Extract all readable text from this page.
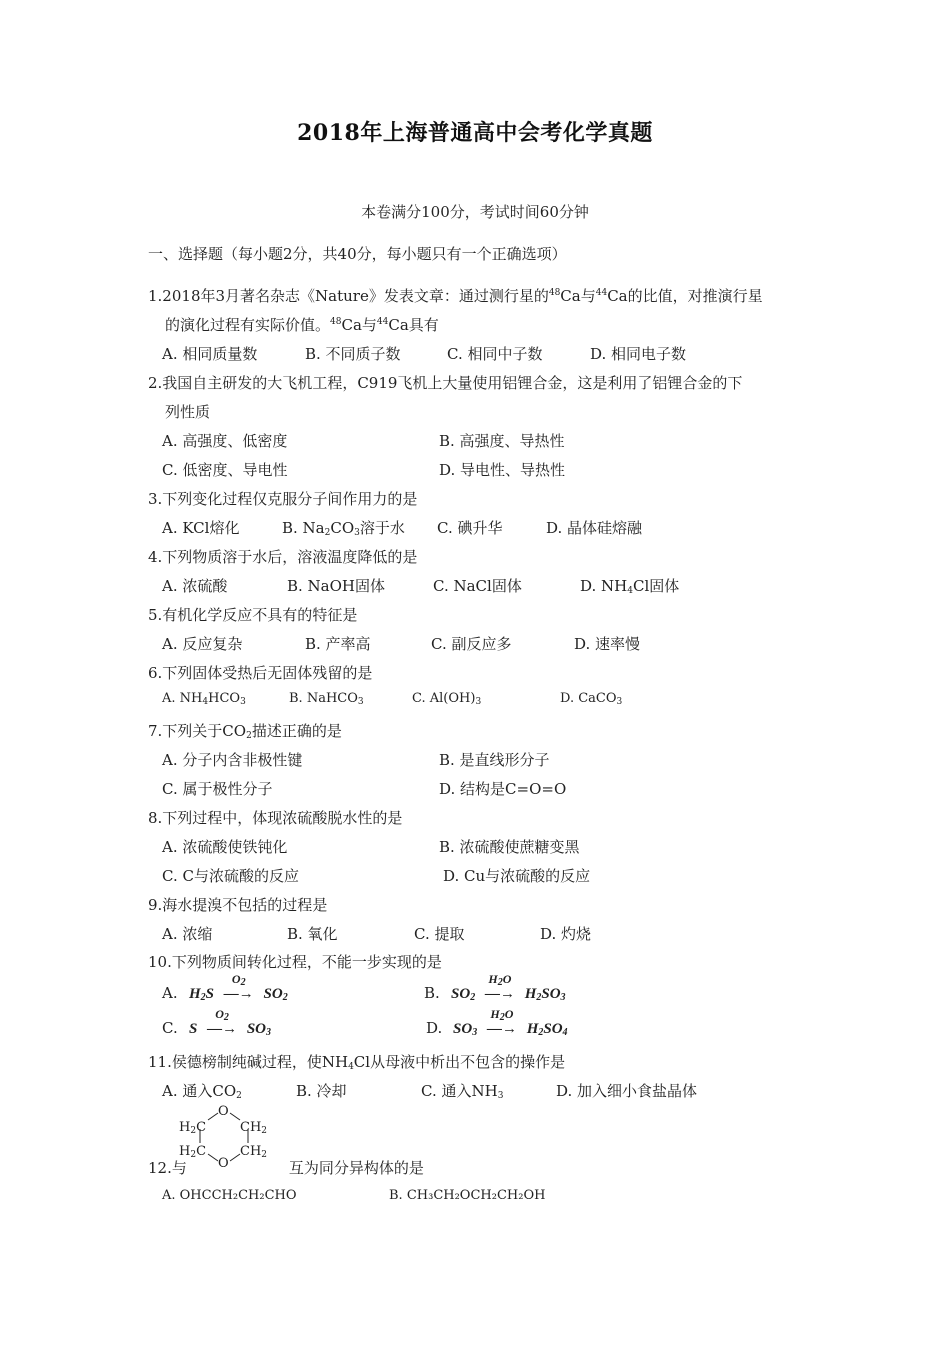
2018年上海普通高中会考化学真题
本卷满分100分，考试时间60分钟
一、选择题（每小题2分，共40分，每小题只有一个正确选项）
1.2018年3月著名杂志《Nature》发表文章：通过测行星的$^{48}$Ca与$^{44}$Ca的比值，对推演行星
的演化过程有实际价值。$^{48}$Ca与$^{44}$Ca具有
A. 相同质量数	B. 不同质子数	C. 相同中子数	D. 相同电子数
2.我国自主研发的大飞机工程，C919飞机上大量使用铝锂合金，这是利用了铝锂合金的下
列性质
A. 高强度、低密度	B. 高强度、导热性
C. 低密度、导电性	D. 导电性、导热性
3.下列变化过程仅克服分子间作用力的是
A. KCl熔化	B. $Na_2CO_3$溶于水 C. 碘升华	D. 晶体硅熔融
4.下列物质溶于水后，溶液温度降低的是
A. 浓硫酸	B. NaOH固体	C. NaCl固体	D. $NH_4Cl$固体
5.有机化学反应不具有的特征是
A. 反应复杂	B. 产率高	C. 副反应多	D. 速率慢
6.下列固体受热后无固体残留的是
A. $NH_4HCO_3$	B. NaHCO$_3$	C. $Al(OH)_3$	D. CaCO$_3$
7.下列关于$CO_2$描述正确的是
A. 分子内含非极性键	B. 是直线形分子
C. 属于极性分子	D. 结构是C=O=O
8.下列过程中，体现浓硫酸脱水性的是
A. 浓硫酸使铁钝化	B. 浓硫酸使蔗糖变黑
C. C与浓硫酸的反应	D. Cu与浓硫酸的反应
9.海水提溴不包括的过程是
A. 浓缩	B. 氧化	C. 提取	D. 灼烧
10.下列物质间转化过程，不能一步实现的是
A. $H_2S$
$O_2$
—→ $SO_2$	B. $SO_2$
$H_2O$
—→ $H_2SO_3$
C. S
$O_2$
—→ $SO_3$	D. $SO_3$
$H_2O$
—→ $H_2SO_4$
11.侯德榜制纯碱过程，使$NH_4Cl$从母液中析出不包含的操作是
A. 通入$CO_2$	B. 冷却	C. 通入$NH_3$	D. 加入细小食盐晶体
O
$H_2C$	$CH_2$
$H_2C$	$CH_2$
O
12.与	互为同分异构体的是
A. OHCCH₂CH₂CHO	B. CH₃CH₂OCH₂CH₂OH
